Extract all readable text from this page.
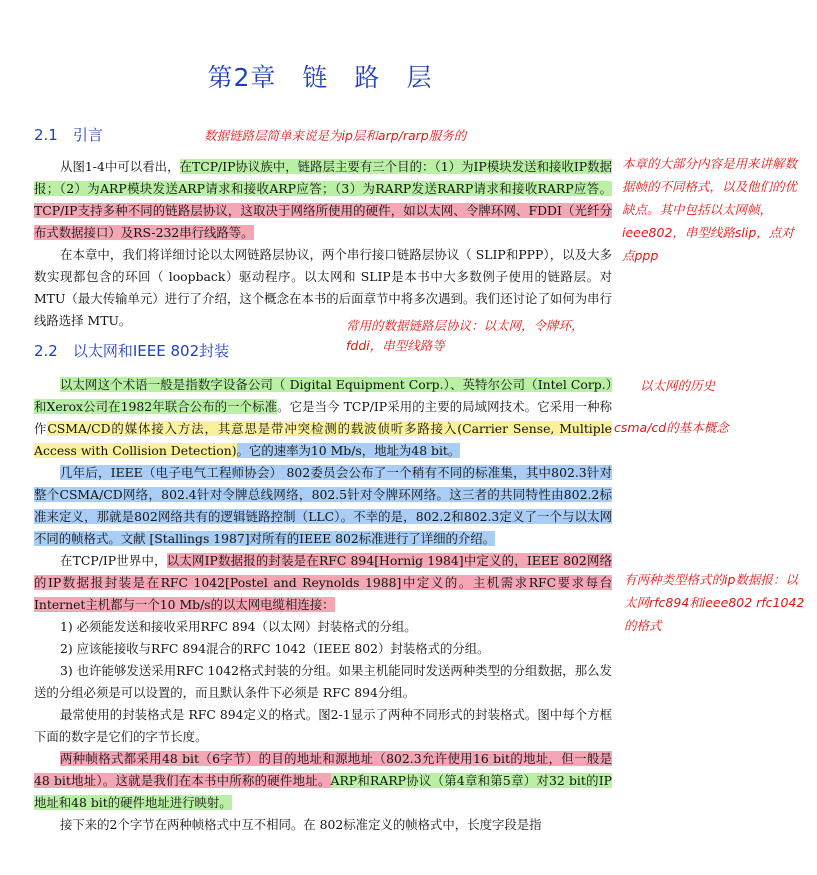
第2章　链　路　层
2.1　引言	数据链路层简单来说是为ip层和arp/rarp服务的

从图1-4中可以看出，在TCP/IP协议族中，链路层主要有三个目的：（1）为IP模块发送和接收IP数据报；（2）为ARP模块发送ARP请求和接收ARP应答；（3）为RARP发送RARP请求和接收RARP应答。TCP/IP支持多种不同的链路层协议，这取决于网络所使用的硬件，如以太网、令牌环网、FDDI（光纤分布式数据接口）及RS-232串行线路等。

在本章中，我们将详细讨论以太网链路层协议，两个串行接口链路层协议（ SLIP和PPP），以及大多数实现都包含的环回（ loopback）驱动程序。以太网和 SLIP是本书中大多数例子使用的链路层。对 MTU（最大传输单元）进行了介绍，这个概念在本书的后面章节中将多次遇到。我们还讨论了如何为串行线路选择 MTU。

本章的大部分内容是用来讲解数据帧的不同格式，以及他们的优缺点。其中包括以太网帧，ieee802，串型线路slip，点对点ppp
常用的数据链路层协议：以太网，令牌环，fddi，串型线路等
2.2　以太网和IEEE 802封装

以太网这个术语一般是指数字设备公司（ Digital Equipment Corp.）、英特尔公司（Intel Corp.）和Xerox公司在1982年联合公布的一个标准。它是当今 TCP/IP采用的主要的局域网技术。它采用一种称作CSMA/CD的媒体接入方法，其意思是带冲突检测的载波侦听多路接入(Carrier Sense, Multiple Access with Collision Detection)。它的速率为10 Mb/s，地址为48 bit。

几年后，IEEE（电子电气工程师协会） 802委员会公布了一个稍有不同的标准集，其中802.3针对整个CSMA/CD网络，802.4针对令牌总线网络，802.5针对令牌环网络。这三者的共同特性由802.2标准来定义，那就是802网络共有的逻辑链路控制（LLC）。不幸的是，802.2和802.3定义了一个与以太网不同的帧格式。文献 [Stallings 1987]对所有的IEEE 802标准进行了详细的介绍。

在TCP/IP世界中，以太网IP数据报的封装是在RFC 894[Hornig 1984]中定义的，IEEE 802网络的IP数据报封装是在RFC 1042[Postel and Reynolds 1988]中定义的。主机需求RFC要求每台Internet主机都与一个10 Mb/s的以太网电缆相连接：

1) 必须能发送和接收采用RFC 894（以太网）封装格式的分组。

2) 应该能接收与RFC 894混合的RFC 1042（IEEE 802）封装格式的分组。

3) 也许能够发送采用RFC 1042格式封装的分组。如果主机能同时发送两种类型的分组数据，那么发送的分组必须是可以设置的，而且默认条件下必须是 RFC 894分组。

最常使用的封装格式是 RFC 894定义的格式。图2-1显示了两种不同形式的封装格式。图中每个方框下面的数字是它们的字节长度。

两种帧格式都采用48 bit（6字节）的目的地址和源地址（802.3允许使用16 bit的地址，但一般是48 bit地址）。这就是我们在本书中所称的硬件地址。ARP和RARP协议（第4章和第5章）对32 bit的IP地址和48 bit的硬件地址进行映射。

接下来的2个字节在两种帧格式中互不相同。在 802标准定义的帧格式中，长度字段是指

以太网的历史
csma/cd的基本概念
有两种类型格式的ip数据报：以太网rfc894和ieee802 rfc1042的格式
